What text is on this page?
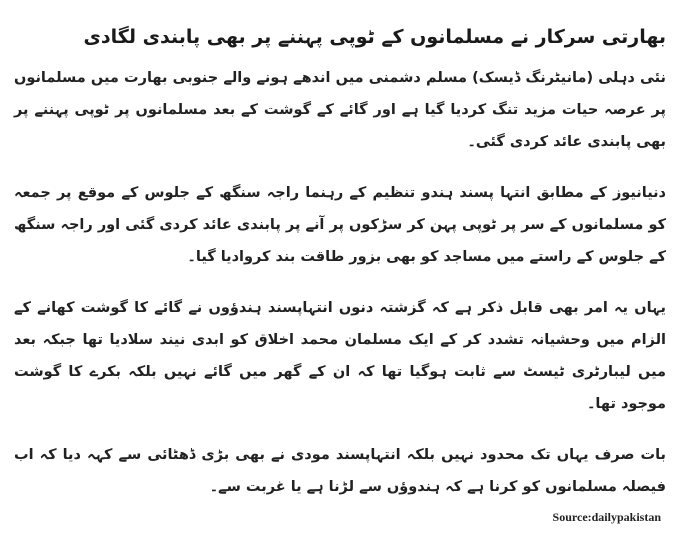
بھارتی سرکار نے مسلمانوں کے ٹوپی پہننے پر بھی پابندی لگادی

نئی دہلی (مانیٹرنگ ڈیسک) مسلم دشمنی میں اندھے ہونے والے جنوبی بھارت میں مسلمانوں پر عرصہ حیات مزید تنگ کردیا گیا ہے اور گائے کے گوشت کے بعد مسلمانوں پر ٹوپی پہننے پر بھی پابندی عائد کردی گئی۔

دنیانیوز کے مطابق انتہا پسند ہندو تنظیم کے رہنما راجہ سنگھ کے جلوس کے موقع پر جمعہ کو مسلمانوں کے سر پر ٹوپی پہن کر سڑکوں پر آنے پر پابندی عائد کردی گئی اور راجہ سنگھ کے جلوس کے راستے میں مساجد کو بھی بزور طاقت بند کروادیا گیا۔

یہاں یہ امر بھی قابل ذکر ہے کہ گزشتہ دنوں انتہاپسند ہندؤوں نے گائے کا گوشت کھانے کے الزام میں وحشیانہ تشدد کر کے ایک مسلمان محمد اخلاق کو ابدی نیند سلادیا تھا جبکہ بعد میں لیبارٹری ٹیسٹ سے ثابت ہوگیا تھا کہ ان کے گھر میں گائے نہیں بلکہ بکرے کا گوشت موجود تھا۔

بات صرف یہاں تک محدود نہیں بلکہ انتہاپسند مودی نے بھی بڑی ڈھٹائی سے کہہ دیا کہ اب فیصلہ مسلمانوں کو کرنا ہے کہ ہندوؤں سے لڑنا ہے یا غربت سے۔

Source:dailypakistan
